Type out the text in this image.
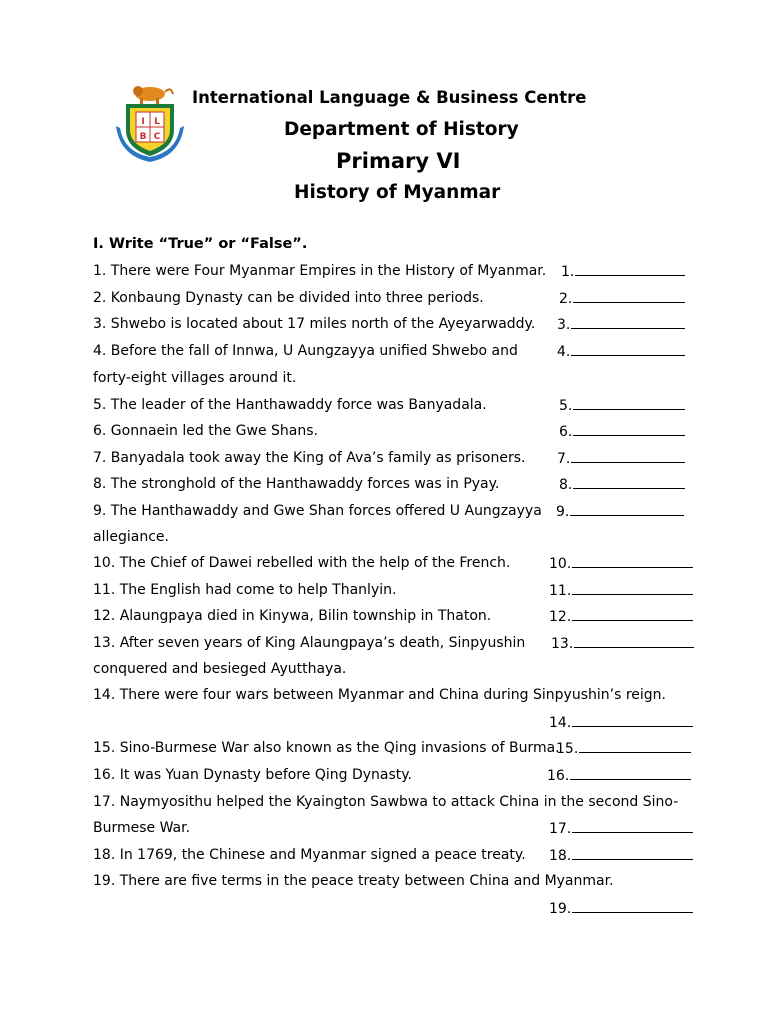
I L
B C
International Language & Business Centre
Department of History
Primary VI
History of Myanmar
I. Write “True” or “False”.
1. There were Four Myanmar Empires in the History of Myanmar. 1.
2. Konbaung Dynasty can be divided into three periods.	2.
3. Shwebo is located about 17 miles north of the Ayeyarwaddy. 3.
4. Before the fall of Innwa, U Aungzayya unified Shwebo and
forty-eight villages around it.
4.
5. The leader of the Hanthawaddy force was Banyadala.	5.
6. Gonnaein led the Gwe Shans.	6.
7. Banyadala took away the King of Ava’s family as prisoners. 7.
8. The stronghold of the Hanthawaddy forces was in Pyay.	8.
9. The Hanthawaddy and Gwe Shan forces offered U Aungzayya
allegiance.
9.
10. The Chief of Dawei rebelled with the help of the French.	10.
11. The English had come to help Thanlyin.	11.
12. Alaungpaya died in Kinywa, Bilin township in Thaton.	12.
13. After seven years of King Alaungpaya’s death, Sinpyushin
conquered and besieged Ayutthaya.
13.
14. There were four wars between Myanmar and China during Sinpyushin’s reign.
14.
15. Sino-Burmese War also known as the Qing invasions of Burma.
15.
16. It was Yuan Dynasty before Qing Dynasty.	16.
17. Naymyosithu helped the Kyaington Sawbwa to attack China in the second Sino-
Burmese War.	17.
18. In 1769, the Chinese and Myanmar signed a peace treaty. 18.
19. There are five terms in the peace treaty between China and Myanmar.
19.
